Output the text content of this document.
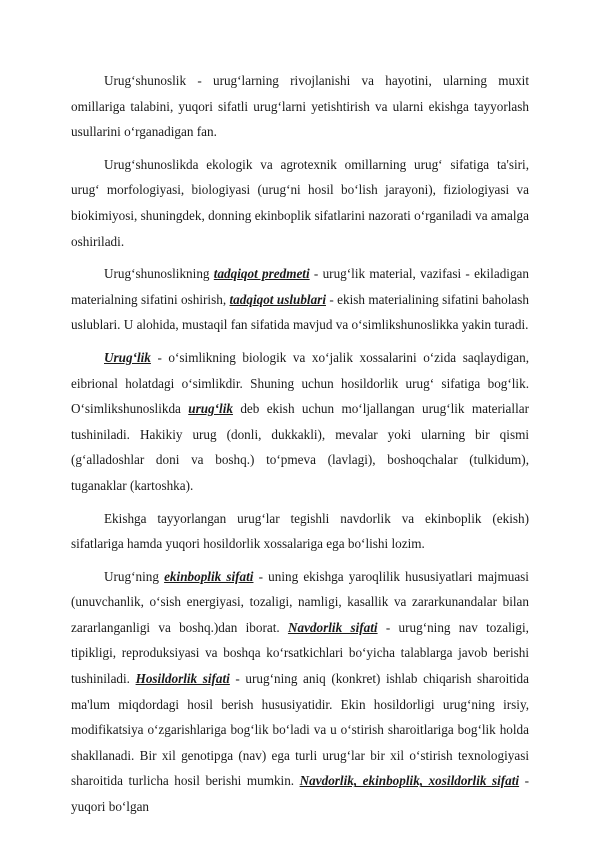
Urug‘shunoslik - urug‘larning rivojlanishi va hayotini, ularning muxit omillariga talabini, yuqori sifatli urug‘larni yetishtirish va ularni ekishga tayyorlash usullarini o‘rganadigan fan.

Urug‘shunoslikda ekologik va agrotexnik omillarning urug‘ sifatiga ta'siri, urug‘ morfologiyasi, biologiyasi (urug‘ni hosil bo‘lish jarayoni), fiziologiyasi va biokimiyosi, shuningdek, donning ekinboplik sifatlarini nazorati o‘rganiladi va amalga oshiriladi.

Urug‘shunoslikning tadqiqot predmeti - urug‘lik material, vazifasi - ekiladigan materialning sifatini oshirish, tadqiqot uslublari - ekish materialining sifatini baholash uslublari. U alohida, mustaqil fan sifatida mavjud va o‘simlikshunoslikka yakin turadi.

Urug‘lik - o‘simlikning biologik va xo‘jalik xossalarini o‘zida saqlaydigan, eibrional holatdagi o‘simlikdir. Shuning uchun hosildorlik urug‘ sifatiga bog‘lik. O‘simlikshunoslikda urug‘lik deb ekish uchun mo‘ljallangan urug‘lik materiallar tushiniladi. Hakikiy urug (donli, dukkakli), mevalar yoki ularning bir qismi (g‘alladoshlar doni va boshq.) to‘pmeva (lavlagi), boshoqchalar (tulkidum), tuganaklar (kartoshka).

Ekishga tayyorlangan urug‘lar tegishli navdorlik va ekinboplik (ekish) sifatlariga hamda yuqori hosildorlik xossalariga ega bo‘lishi lozim.

Urug‘ning ekinboplik sifati - uning ekishga yaroqlilik hususiyatlari majmuasi (unuvchanlik, o‘sish energiyasi, tozaligi, namligi, kasallik va zararkunandalar bilan zararlanganligi va boshq.)dan iborat. Navdorlik sifati - urug‘ning nav tozaligi, tipikligi, reproduksiyasi va boshqa ko‘rsatkichlari bo‘yicha talablarga javob berishi tushiniladi. Hosildorlik sifati - urug‘ning aniq (konkret) ishlab chiqarish sharoitida ma'lum miqdordagi hosil berish hususiyatidir. Ekin hosildorligi urug‘ning irsiy, modifikatsiya o‘zgarishlariga bog‘lik bo‘ladi va u o‘stirish sharoitlariga bog‘lik holda shakllanadi. Bir xil genotipga (nav) ega turli urug‘lar bir xil o‘stirish texnologiyasi sharoitida turlicha hosil berishi mumkin. Navdorlik, ekinboplik, xosildorlik sifati - yuqori bo‘lgan
